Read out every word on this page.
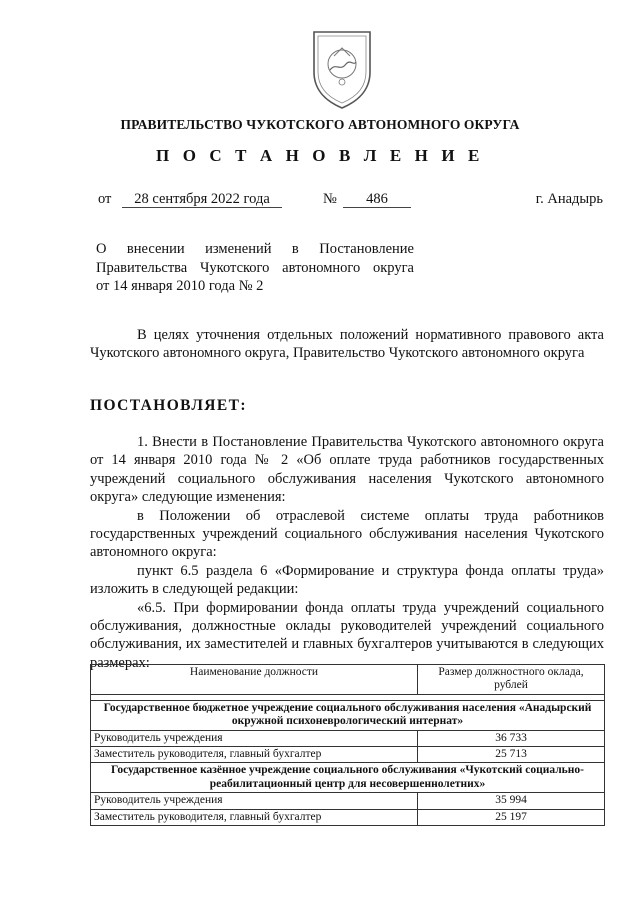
ПРАВИТЕЛЬСТВО ЧУКОТСКОГО АВТОНОМНОГО ОКРУГА
П О С Т А Н О В Л Е Н И Е
от	28 сентября 2022 года	№	486	г. Анадырь
О внесении изменений в Постановление
Правительства Чукотского автономного округа
от 14 января 2010 года № 2

В целях уточнения отдельных положений нормативного правового акта Чукотского автономного округа, Правительство Чукотского автономного округа

ПОСТАНОВЛЯЕТ:

1. Внести в Постановление Правительства Чукотского автономного округа от 14 января 2010 года № 2 «Об оплате труда работников государственных учреждений социального обслуживания населения Чукотского автономного округа» следующие изменения:

в Положении об отраслевой системе оплаты труда работников государственных учреждений социального обслуживания населения Чукотского автономного округа:

пункт 6.5 раздела 6 «Формирование и структура фонда оплаты труда» изложить в следующей редакции:

«6.5. При формировании фонда оплаты труда учреждений социального обслуживания, должностные оклады руководителей учреждений социального обслуживания, их заместителей и главных бухгалтеров учитываются в следующих размерах:

Наименование должности	Размер должностного оклада, рублей

Государственное бюджетное учреждение социального обслуживания населения «Анадырский окружной психоневрологический интернат»	
Руководитель учреждения	36 733
Заместитель руководителя, главный бухгалтер	25 713
Государственное казённое учреждение социального обслуживания «Чукотский социально-реабилитационный центр для несовершеннолетних»	
Руководитель учреждения	35 994
Заместитель руководителя, главный бухгалтер	25 197
